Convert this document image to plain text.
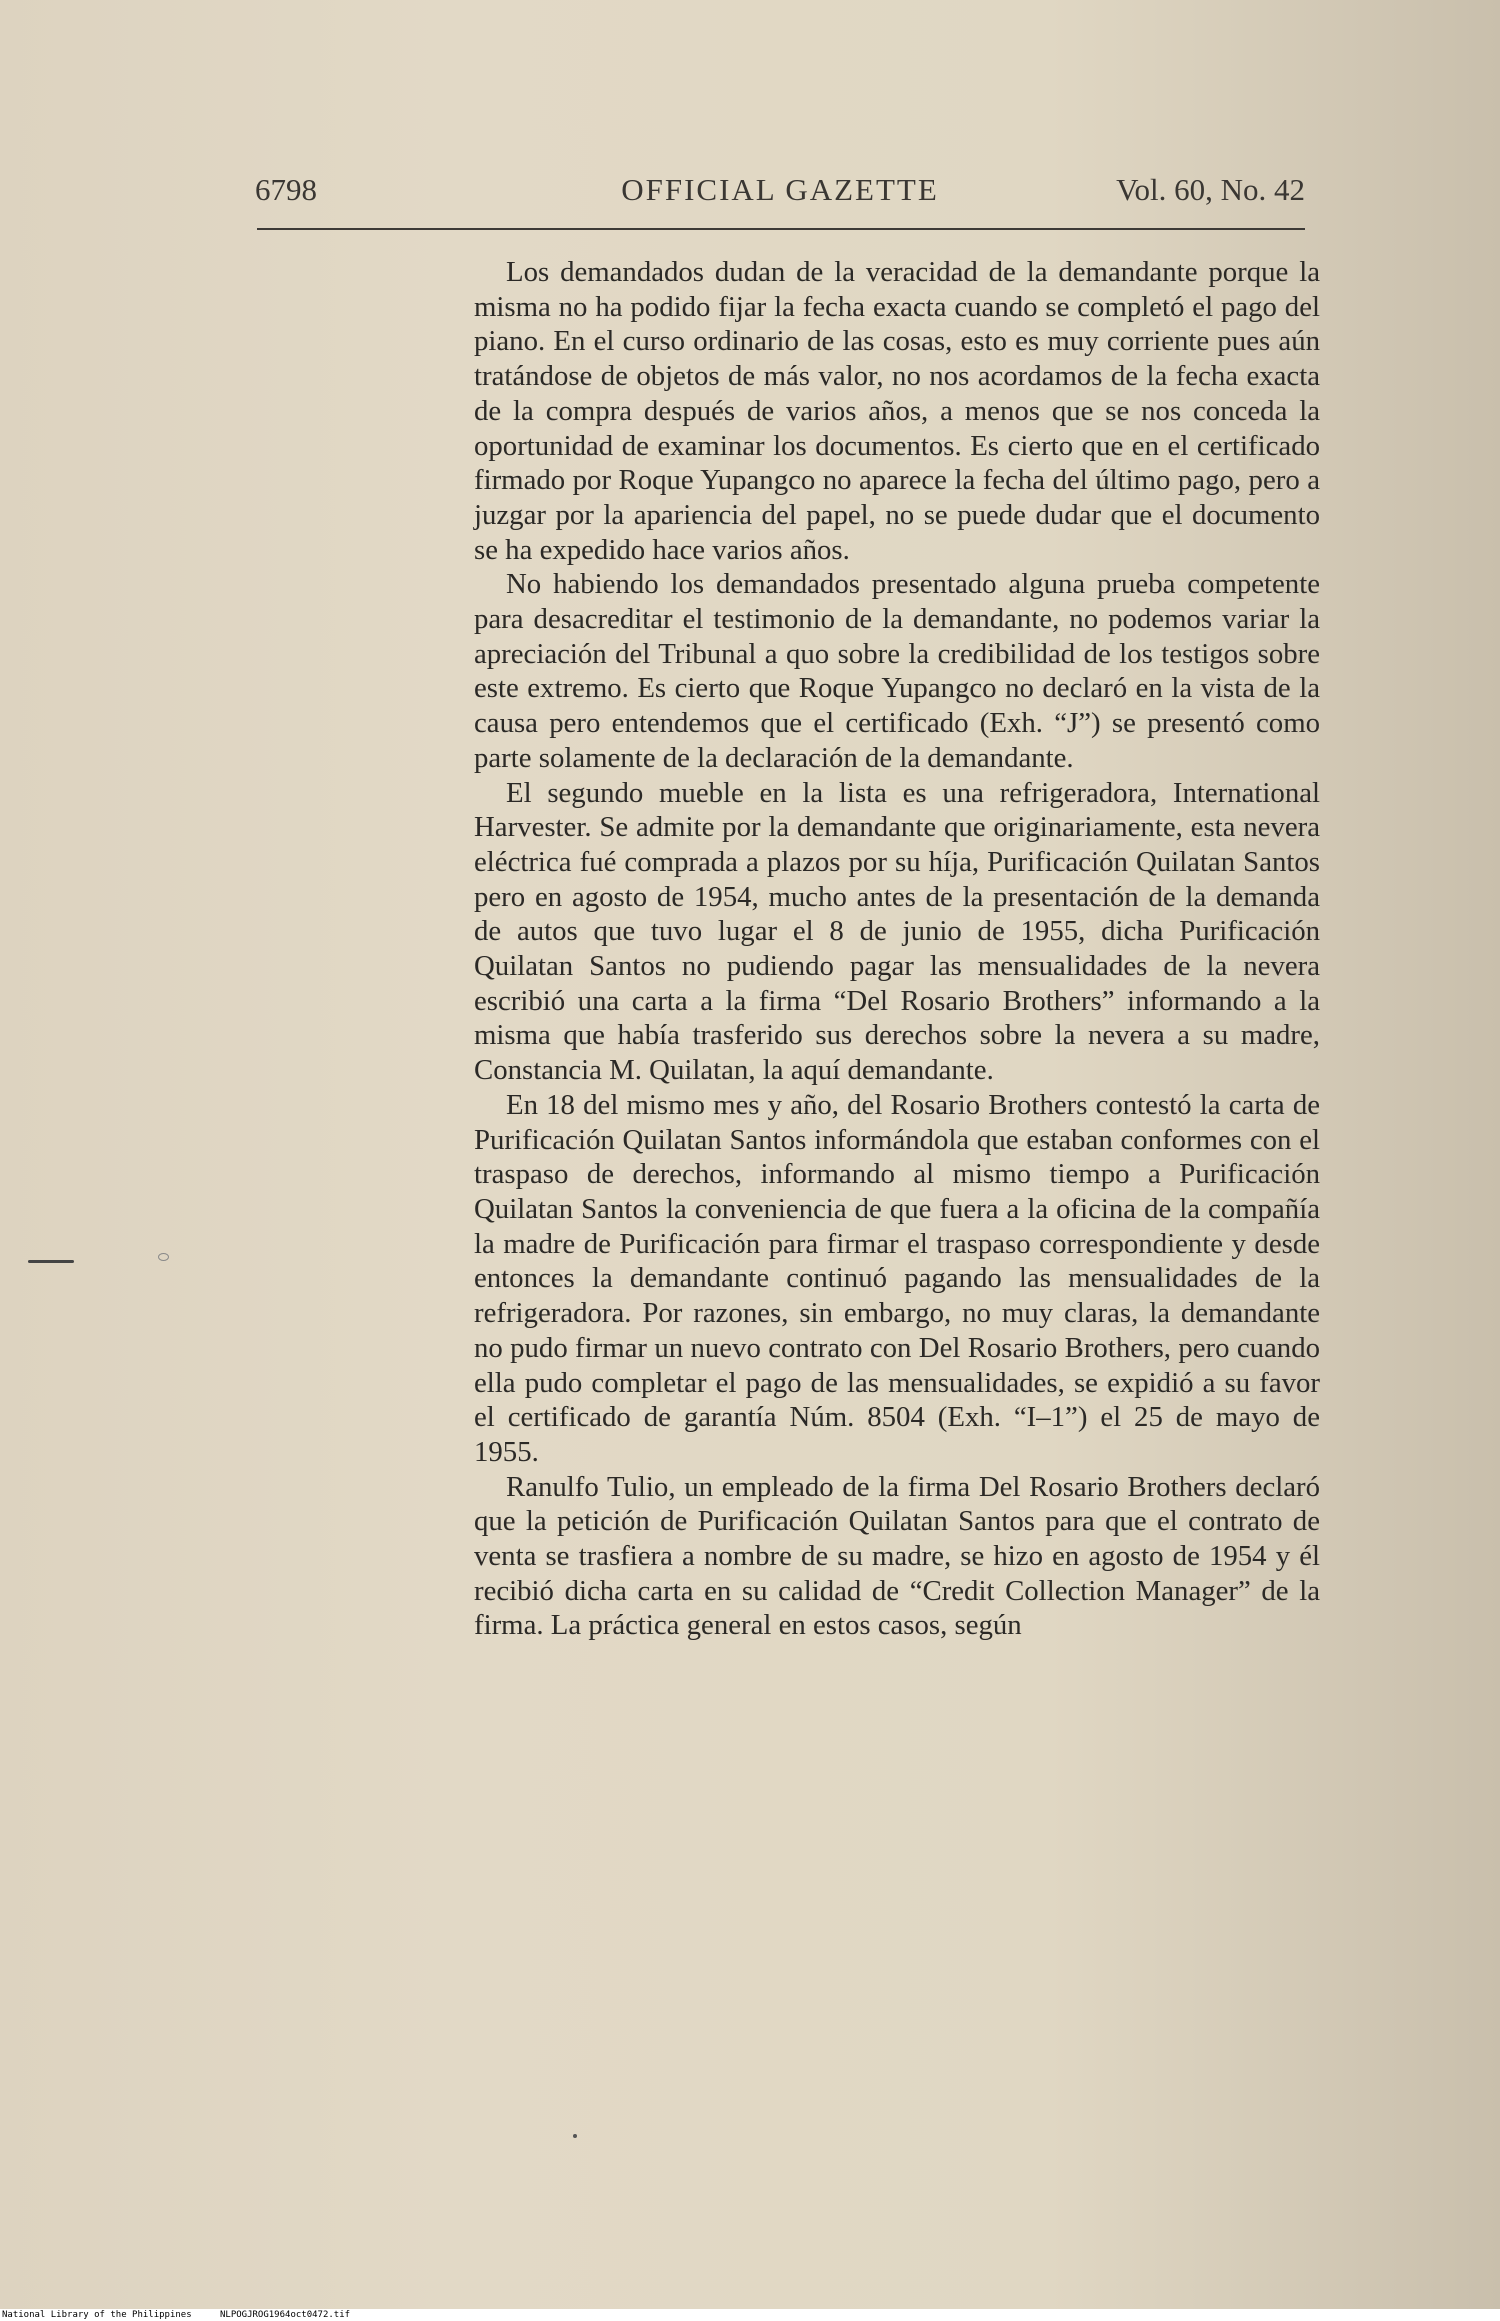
6798	OFFICIAL GAZETTE	Vol. 60, No. 42

Los demandados dudan de la veracidad de la demandante porque la misma no ha podido fijar la fecha exacta cuando se completó el pago del piano. En el curso ordinario de las cosas, esto es muy corriente pues aún tratándose de objetos de más valor, no nos acordamos de la fecha exacta de la compra después de varios años, a menos que se nos conceda la oportunidad de examinar los documentos. Es cierto que en el certificado firmado por Roque Yupangco no aparece la fecha del último pago, pero a juzgar por la apariencia del papel, no se puede dudar que el documento se ha expedido hace varios años.

No habiendo los demandados presentado alguna prueba competente para desacreditar el testimonio de la demandante, no podemos variar la apreciación del Tribunal a quo sobre la credibilidad de los testigos sobre este extremo. Es cierto que Roque Yupangco no declaró en la vista de la causa pero entendemos que el certificado (Exh. “J”) se presentó como parte solamente de la declaración de la demandante.

El segundo mueble en la lista es una refrigeradora, International Harvester. Se admite por la demandante que originariamente, esta nevera eléctrica fué comprada a plazos por su híja, Purificación Quilatan Santos pero en agosto de 1954, mucho antes de la presentación de la demanda de autos que tuvo lugar el 8 de junio de 1955, dicha Purificación Quilatan Santos no pudiendo pagar las mensualidades de la nevera escribió una carta a la firma “Del Rosario Brothers” informando a la misma que había trasferido sus derechos sobre la nevera a su madre, Constancia M. Quilatan, la aquí demandante.

En 18 del mismo mes y año, del Rosario Brothers contestó la carta de Purificación Quilatan Santos informándola que estaban conformes con el traspaso de derechos, informando al mismo tiempo a Purificación Quilatan Santos la conveniencia de que fuera a la oficina de la compañía la madre de Purificación para firmar el traspaso correspondiente y desde entonces la demandante continuó pagando las mensualidades de la refrigeradora. Por razones, sin embargo, no muy claras, la demandante no pudo firmar un nuevo contrato con Del Rosario Brothers, pero cuando ella pudo completar el pago de las mensualidades, se expidió a su favor el certificado de garantía Núm. 8504 (Exh. “I–1”) el 25 de mayo de 1955.

Ranulfo Tulio, un empleado de la firma Del Rosario Brothers declaró que la petición de Purificación Quilatan Santos para que el contrato de venta se trasfiera a nombre de su madre, se hizo en agosto de 1954 y él recibió dicha carta en su calidad de “Credit Collection Manager” de la firma. La práctica general en estos casos, según

National Library of the Philippines	NLPOGJROG1964oct0472.tif
